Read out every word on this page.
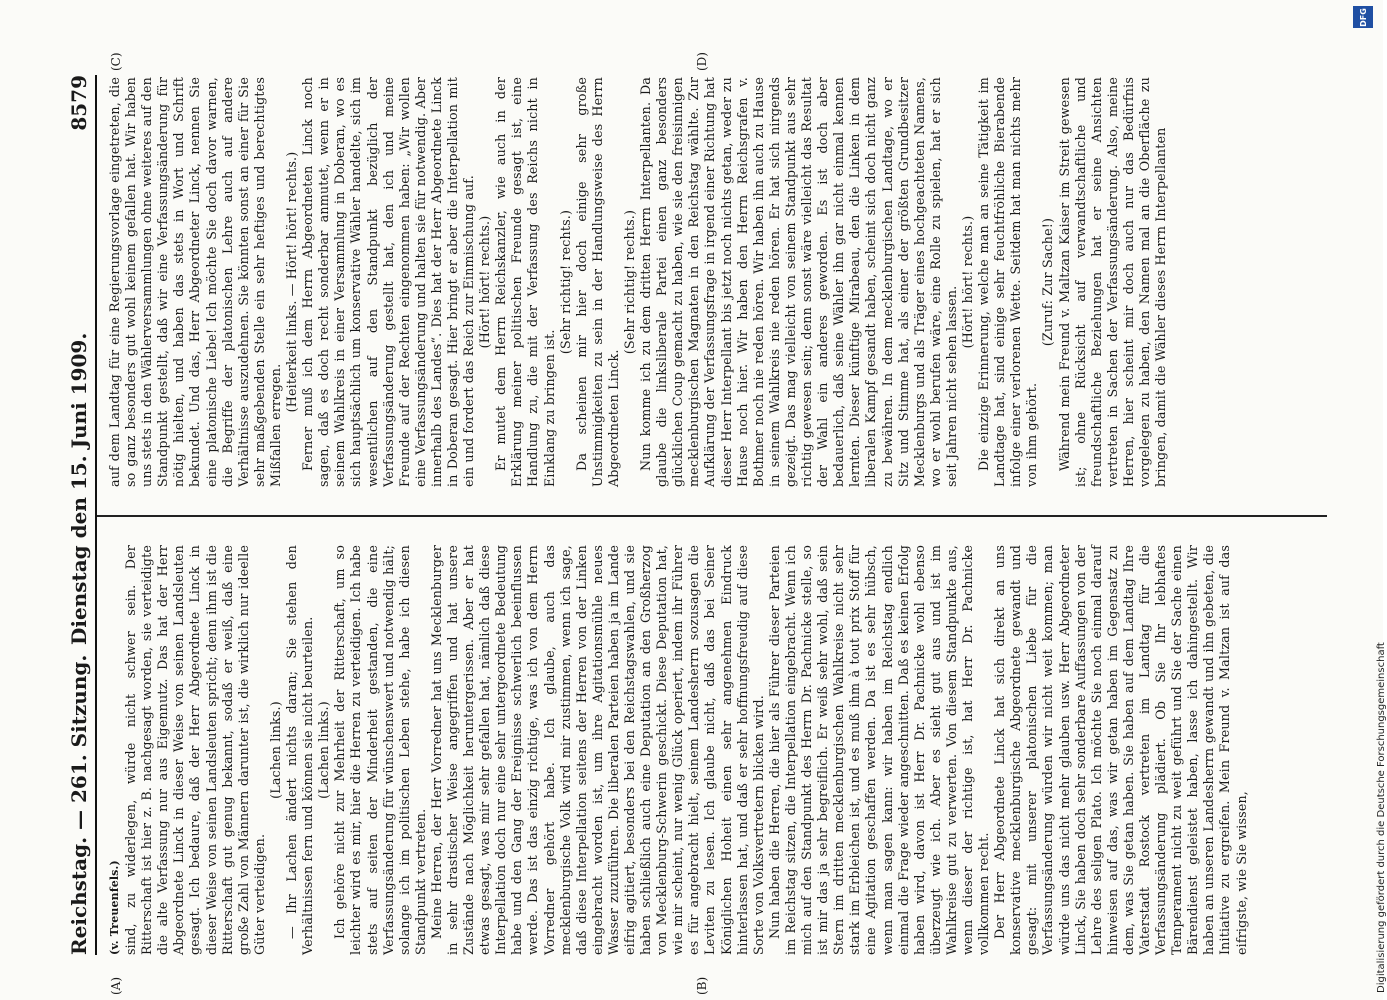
Reichstag. — 261. Sitzung.
Dienstag den 15. Juni 1909.
8579
(A)	(B)
(C)	(D)

(v. Treuenfels.) sind, zu widerlegen, würde nicht schwer sein. Der Ritterschaft ist hier z. B. nachgesagt worden, sie verteidigte die alte Verfassung nur aus Eigennutz. Das hat der Herr Abgeordnete Linck in dieser Weise von seinen Landsleuten gesagt. Ich bedaure, daß der Herr Abgeordnete Linck in dieser Weise von seinen Landsleuten spricht; denn ihm ist die Ritterschaft gut genug bekannt, sodaß er weiß, daß eine große Zahl von Männern darunter ist, die wirklich nur ideelle Güter verteidigen.

(Lachen links.) — Ihr Lachen ändert nichts daran; Sie stehen den Verhältnissen fern und können sie nicht beurteilen. (Lachen links.) Ich gehöre nicht zur Mehrheit der Ritterschaft, um so leichter wird es mir, hier die Herren zu verteidigen. Ich habe stets auf seiten der Minderheit gestanden, die eine Verfassungsänderung für wünschenswert und notwendig hält; solange ich im politischen Leben stehe, habe ich diesen Standpunkt vertreten. Meine Herren, der Herr Vorredner hat uns Mecklenburger in sehr drastischer Weise angegriffen und hat unsere Zustände nach Möglichkeit heruntergerissen. Aber er hat etwas gesagt, was mir sehr gefallen hat, nämlich daß diese Interpellation doch nur eine sehr untergeordnete Bedeutung habe und den Gang der Ereignisse schwerlich beeinflussen werde. Das ist das einzig richtige, was ich von dem Herrn Vorredner gehört habe. Ich glaube, auch das mecklenburgische Volk wird mir zustimmen, wenn ich sage, daß diese Interpellation seitens der Herren von der Linken eingebracht worden ist, um ihre Agitationsmühle neues Wasser zuzuführen. Die liberalen Parteien haben ja im Lande eifrig agitiert, besonders bei den Reichstagswahlen, und sie haben schließlich auch eine Deputation an den Großherzog von Mecklenburg-Schwerin geschickt. Diese Deputation hat, wie mir scheint, nur wenig Glück operiert, indem ihr Führer es für angebracht hielt, seinem Landesherrn sozusagen die Leviten zu lesen. Ich glaube nicht, daß das bei Seiner Königlichen Hoheit einen sehr angenehmen Eindruck hinterlassen hat, und daß er sehr hoffnungsfreudig auf diese Sorte von Volksvertretern blicken wird. Nun haben die Herren, die hier als Führer dieser Parteien im Reichstag sitzen, die Interpellation eingebracht. Wenn ich mich auf den Standpunkt des Herrn Dr. Pachnicke stelle, so ist mir das ja sehr begreiflich. Er weiß sehr wohl, daß sein Stern im dritten mecklenburgischen Wahlkreise nicht sehr stark im Erbleichen ist, und es muß ihm à tout prix Stoff für eine Agitation geschaffen werden. Da ist es sehr hübsch, wenn man sagen kann: wir haben im Reichstag endlich einmal die Frage wieder angeschnitten. Daß es keinen Erfolg haben wird, davon ist Herr Dr. Pachnicke wohl ebenso überzeugt wie ich. Aber es sieht gut aus und ist im Wahlkreise gut zu verwerten. Von diesem Standpunkte aus, wenn dieser der richtige ist, hat Herr Dr. Pachnicke vollkommen recht. Der Herr Abgeordnete Linck hat sich direkt an uns konservative mecklenburgische Abgeordnete gewandt und gesagt: mit unserer platonischen Liebe für die Verfassungsänderung würden wir nicht weit kommen; man würde uns das nicht mehr glauben usw. Herr Abgeordneter Linck, Sie haben doch sehr sonderbare Auffassungen von der Lehre des seligen Plato. Ich möchte Sie noch einmal darauf hinweisen auf das, was wir getan haben im Gegensatz zu dem, was Sie getan haben. Sie haben auf dem Landtag Ihre Vaterstadt Rostock vertreten im Landtag für die Verfassungsänderung plädiert. Ob Sie Ihr lebhaftes Temperament nicht zu weit geführt und Sie der Sache einen Bärendienst geleistet haben, lasse ich dahingestellt. Wir haben an unseren Landesherrn gewandt und ihn gebeten, die Initiative zu ergreifen. Mein Freund v. Maltzan ist auf das eifrigste, wie Sie wissen,

auf dem Landtag für eine Regierungsvorlage eingetreten, die so ganz besonders gut wohl keinem gefallen hat. Wir haben uns stets in den Wählerversammlungen ohne weiteres auf den Standpunkt gestellt, daß wir eine Verfassungsänderung für nötig hielten, und haben das stets in Wort und Schrift bekundet. Und das, Herr Abgeordneter Linck, nennen Sie eine platonische Liebe! Ich möchte Sie doch davor warnen, die Begriffe der platonischen Lehre auch auf andere Verhältnisse auszudehnen. Sie könnten sonst an einer für Sie sehr maßgebenden Stelle ein sehr heftiges und berechtigtes Mißfallen erregen.

(Heiterkeit links. — Hört! hört! rechts.) Ferner muß ich dem Herrn Abgeordneten Linck noch sagen, daß es doch recht sonderbar anmutet, wenn er in seinem Wahlkreis in einer Versammlung in Doberan, wo es sich hauptsächlich um konservative Wähler handelte, sich im wesentlichen auf den Standpunkt bezüglich der Verfassungsänderung gestellt hat, den ich und meine Freunde auf der Rechten eingenommen haben: „Wir wollen eine Verfassungsänderung und halten sie für notwendig. Aber innerhalb des Landes“. Dies hat der Herr Abgeordnete Linck in Doberan gesagt. Hier bringt er aber die Interpellation mit ein und fordert das Reich zur Einmischung auf. (Hört! hört! rechts.) Er mutet dem Herrn Reichskanzler, wie auch in der Erklärung meiner politischen Freunde gesagt ist, eine Handlung zu, die mit der Verfassung des Reichs nicht in Einklang zu bringen ist.

(Sehr richtig! rechts.) Da scheinen mir hier doch einige sehr große Unstimmigkeiten zu sein in der Handlungsweise des Herrn Abgeordneten Linck.

(Sehr richtig! rechts.) Nun komme ich zu dem dritten Herrn Interpellanten. Da glaube die linksliberale Partei einen ganz besonders glücklichen Coup gemacht zu haben, wie sie den freisinnigen mecklenburgischen Magnaten in den Reichstag wählte. Zur Aufklärung der Verfassungsfrage in irgend einer Richtung hat dieser Herr Interpellant bis jetzt noch nichts getan, weder zu Hause noch hier. Wir haben den Herrn Reichsgrafen v. Bothmer noch nie reden hören. Wir haben ihn auch zu Hause in seinem Wahlkreis nie reden hören. Er hat sich nirgends gezeigt. Das mag vielleicht von seinem Standpunkt aus sehr richtig gewesen sein; denn sonst wäre vielleicht das Resultat der Wahl ein anderes geworden. Es ist doch aber bedauerlich, daß seine Wähler ihn gar nicht einmal kennen lernten. Dieser künftige Mirabeau, den die Linken in dem liberalen Kampf gesandt haben, scheint sich doch nicht ganz zu bewähren. In dem mecklenburgischen Landtage, wo er Sitz und Stimme hat, als einer der größten Grundbesitzer Mecklenburgs und als Träger eines hochgeachteten Namens, wo er wohl berufen wäre, eine Rolle zu spielen, hat er sich seit Jahren nicht sehen lassen.

(Hört! hört! rechts.) Die einzige Erinnerung, welche man an seine Tätigkeit im Landtage hat, sind einige sehr feuchtfröhliche Bierabende infolge einer verlorenen Wette. Seitdem hat man nichts mehr von ihm gehört.

(Zuruf: Zur Sache!) Während mein Freund v. Maltzan Kaiser im Streit gewesen ist; ohne Rücksicht auf verwandtschaftliche und freundschaftliche Beziehungen hat er seine Ansichten vertreten in Sachen der Verfassungsänderung. Also, meine Herren, hier scheint mir doch auch nur das Bedürfnis vorgelegen zu haben, den Namen mal an die Oberfläche zu bringen, damit die Wähler dieses Herrn Interpellanten

DFG
Digitalisierung gefördert durch die Deutsche Forschungsgemeinschaft
